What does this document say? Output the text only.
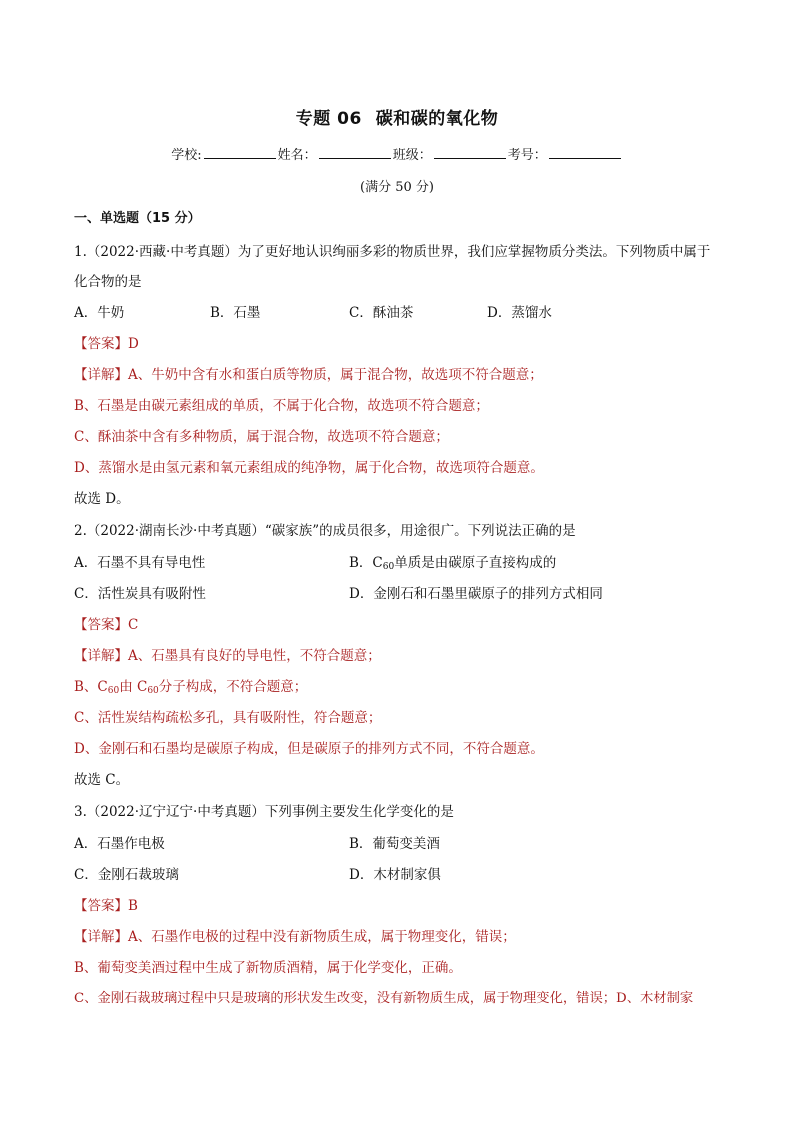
专题 06 碳和碳的氧化物
学校:	姓名：	班级：	考号：
(满分 50 分)
一、单选题（15 分）
1.（2022·西藏·中考真题）为了更好地认识绚丽多彩的物质世界，我们应掌握物质分类法。下列物质中属于
化合物的是
A．牛奶	B．石墨	C．酥油茶	D．蒸馏水
【答案】D
【详解】A、牛奶中含有水和蛋白质等物质，属于混合物，故选项不符合题意；
B、石墨是由碳元素组成的单质，不属于化合物，故选项不符合题意；
C、酥油茶中含有多种物质，属于混合物，故选项不符合题意；
D、蒸馏水是由氢元素和氧元素组成的纯净物，属于化合物，故选项符合题意。
故选 D。
2.（2022·湖南长沙·中考真题）“碳家族”的成员很多，用途很广。下列说法正确的是
A．石墨不具有导电性	B．$C_{60}$单质是由碳原子直接构成的
C．活性炭具有吸附性	D．金刚石和石墨里碳原子的排列方式相同
【答案】C
【详解】A、石墨具有良好的导电性，不符合题意；
B、$C_{60}$由 $C_{60}$分子构成，不符合题意；
C、活性炭结构疏松多孔，具有吸附性，符合题意；
D、金刚石和石墨均是碳原子构成，但是碳原子的排列方式不同，不符合题意。
故选 C。
3.（2022·辽宁辽宁·中考真题）下列事例主要发生化学变化的是
A．石墨作电极	B．葡萄变美酒
C．金刚石裁玻璃	D．木材制家俱
【答案】B
【详解】A、石墨作电极的过程中没有新物质生成，属于物理变化，错误；
B、葡萄变美酒过程中生成了新物质酒精，属于化学变化，正确。
C、金刚石裁玻璃过程中只是玻璃的形状发生改变，没有新物质生成，属于物理变化，错误；D、木材制家
